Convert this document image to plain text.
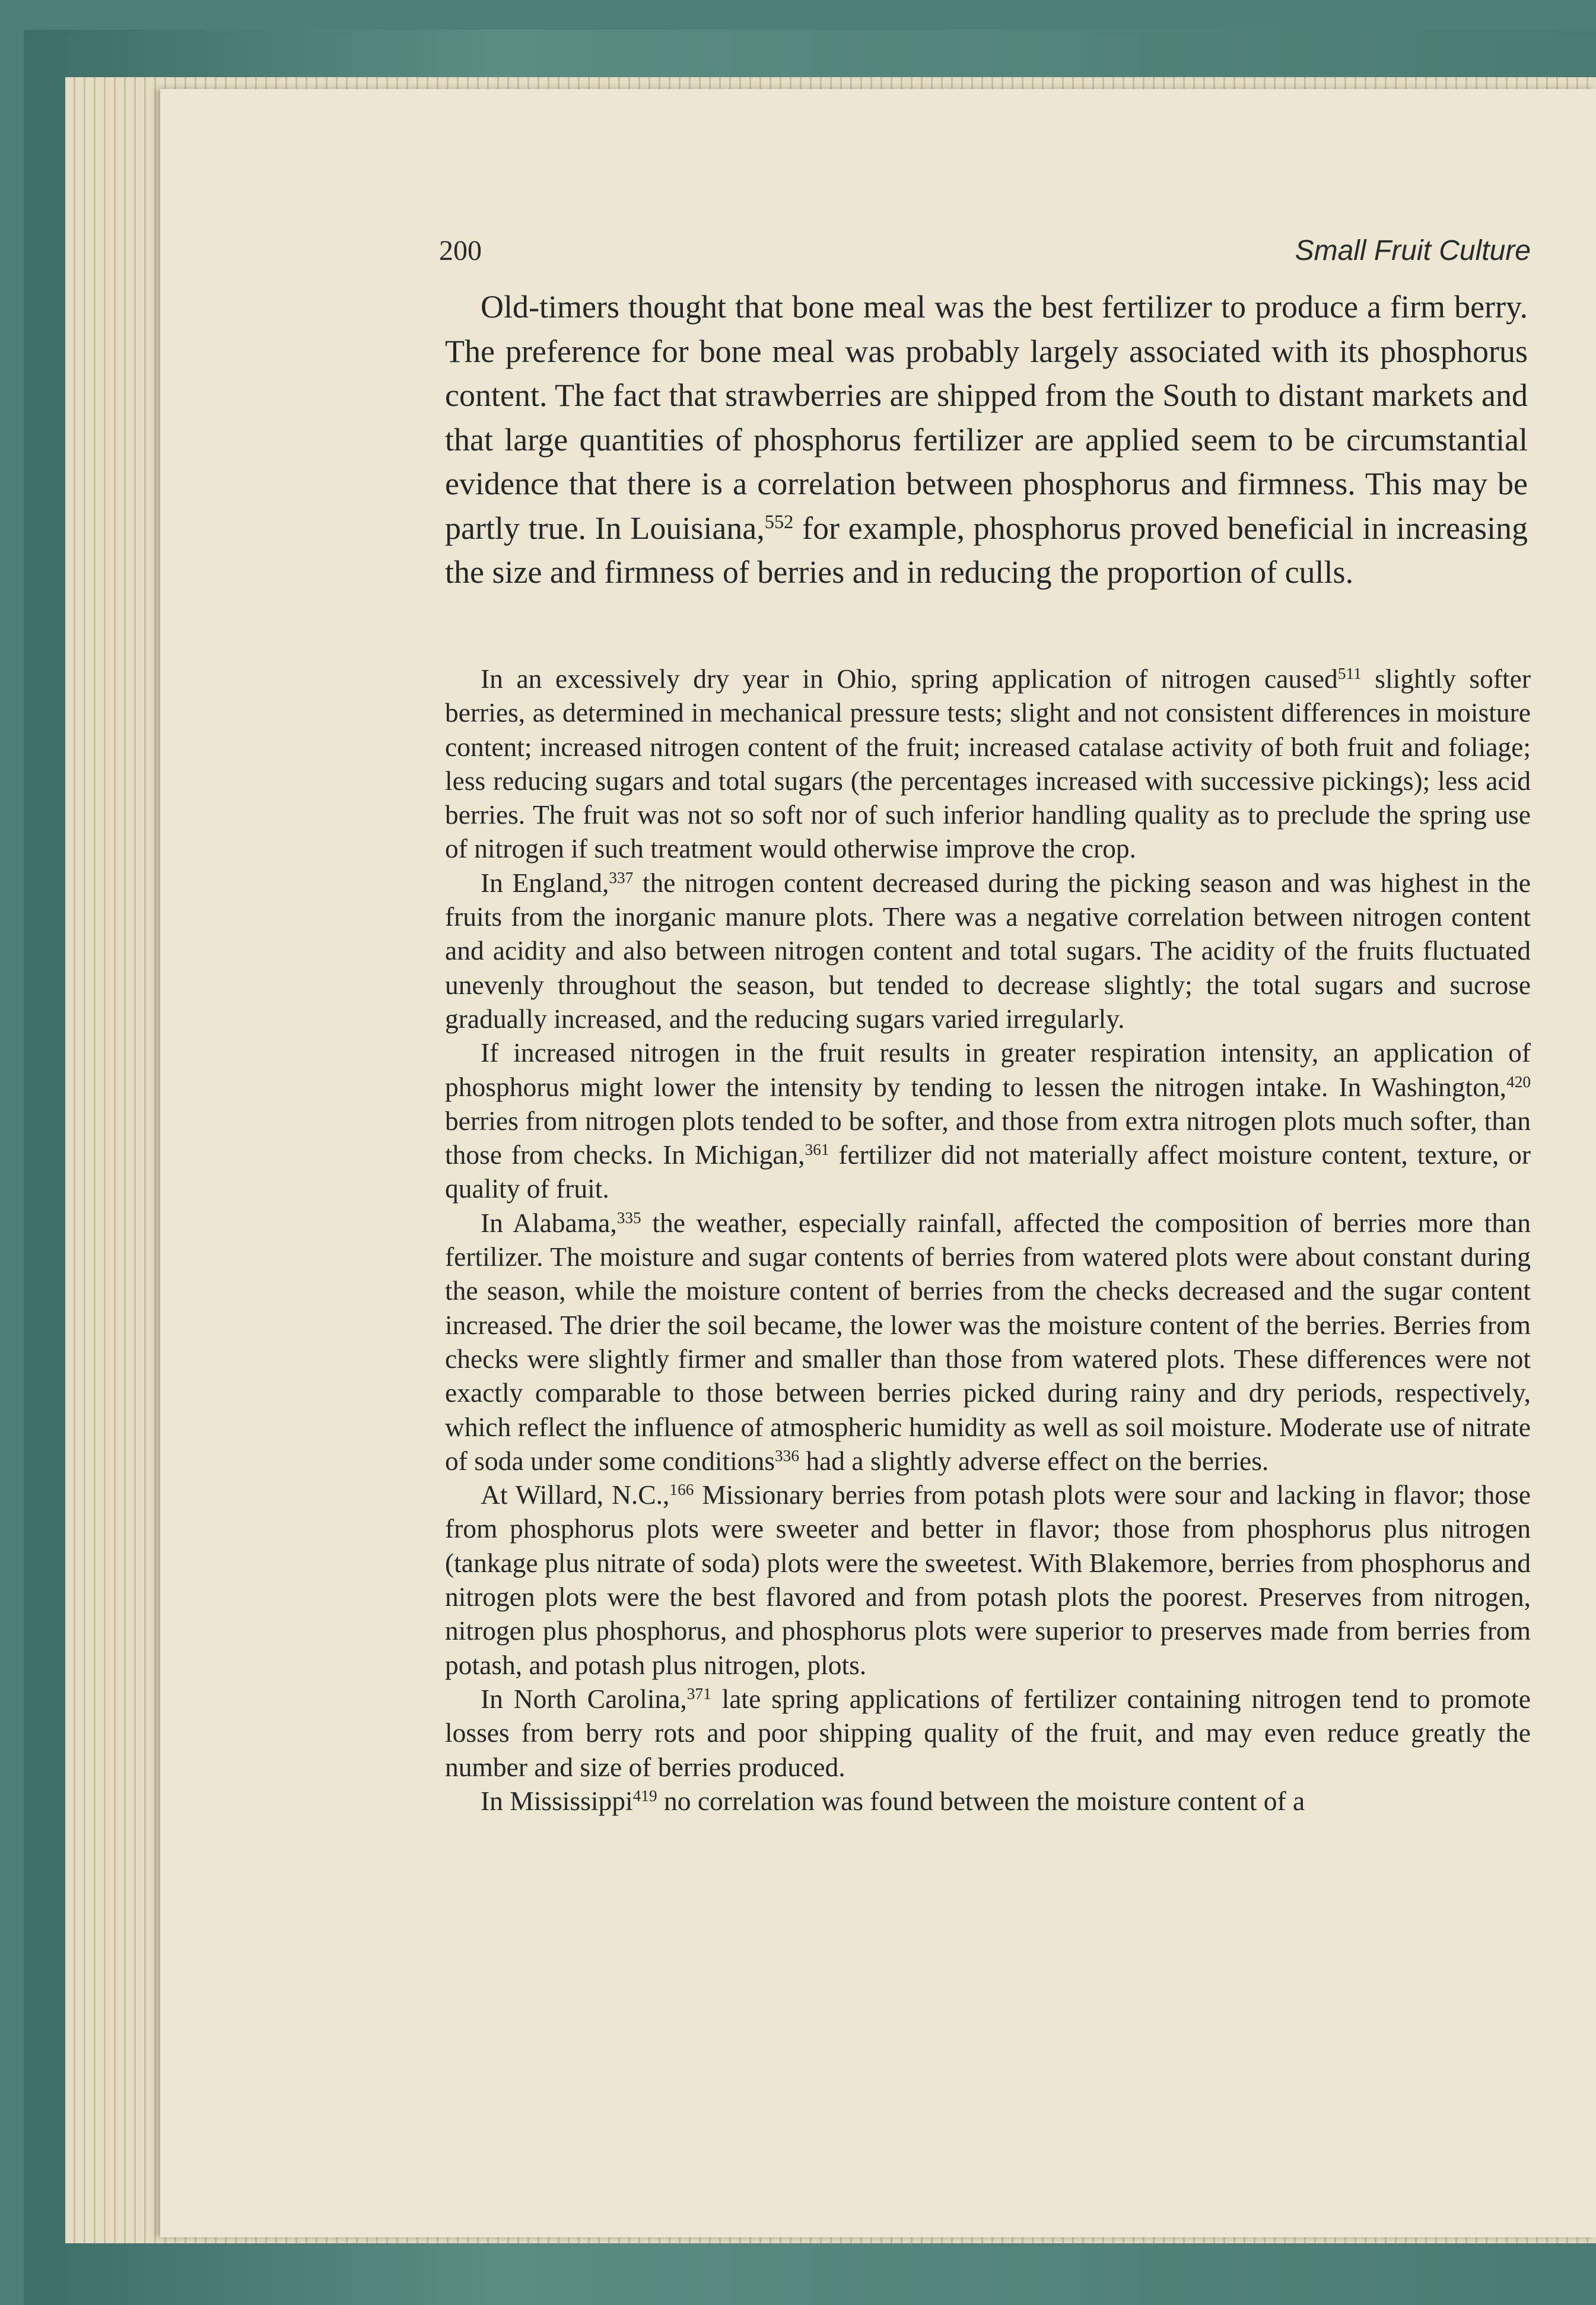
200	Small Fruit Culture

Old-timers thought that bone meal was the best fertilizer to produce a firm berry. The preference for bone meal was probably largely associated with its phosphorus content. The fact that strawberries are shipped from the South to distant markets and that large quantities of phosphorus fertilizer are applied seem to be circumstantial evidence that there is a correlation between phosphorus and firmness. This may be partly true. In Louisiana,$^{552}$ for example, phosphorus proved beneficial in increasing the size and firmness of berries and in reducing the proportion of culls.

In an excessively dry year in Ohio, spring application of nitrogen caused$^{511}$ slightly softer berries, as determined in mechanical pressure tests; slight and not consistent differences in moisture content; increased nitrogen content of the fruit; increased catalase activity of both fruit and foliage; less reducing sugars and total sugars (the percentages increased with successive pickings); less acid berries. The fruit was not so soft nor of such inferior handling quality as to preclude the spring use of nitrogen if such treatment would otherwise improve the crop.

In England,$^{337}$ the nitrogen content decreased during the picking season and was highest in the fruits from the inorganic manure plots. There was a negative correlation between nitrogen content and acidity and also between nitrogen content and total sugars. The acidity of the fruits fluctuated unevenly throughout the season, but tended to decrease slightly; the total sugars and sucrose gradually increased, and the reducing sugars varied irregularly.

If increased nitrogen in the fruit results in greater respiration intensity, an application of phosphorus might lower the intensity by tending to lessen the nitrogen intake. In Washington,$^{420}$ berries from nitrogen plots tended to be softer, and those from extra nitrogen plots much softer, than those from checks. In Michigan,$^{361}$ fertilizer did not materially affect moisture content, texture, or quality of fruit.

In Alabama,$^{335}$ the weather, especially rainfall, affected the composition of berries more than fertilizer. The moisture and sugar contents of berries from watered plots were about constant during the season, while the moisture content of berries from the checks decreased and the sugar content increased. The drier the soil became, the lower was the moisture content of the berries. Berries from checks were slightly firmer and smaller than those from watered plots. These differences were not exactly comparable to those between berries picked during rainy and dry periods, respectively, which reflect the influence of atmospheric humidity as well as soil moisture. Moderate use of nitrate of soda under some conditions$^{336}$ had a slightly adverse effect on the berries.

At Willard, N.C.,$^{166}$ Missionary berries from potash plots were sour and lacking in flavor; those from phosphorus plots were sweeter and better in flavor; those from phosphorus plus nitrogen (tankage plus nitrate of soda) plots were the sweetest. With Blakemore, berries from phosphorus and nitrogen plots were the best flavored and from potash plots the poorest. Preserves from nitrogen, nitrogen plus phosphorus, and phosphorus plots were superior to preserves made from berries from potash, and potash plus nitrogen, plots.

In North Carolina,$^{371}$ late spring applications of fertilizer containing nitrogen tend to promote losses from berry rots and poor shipping quality of the fruit, and may even reduce greatly the number and size of berries produced.

In Mississippi$^{419}$ no correlation was found between the moisture content of a
